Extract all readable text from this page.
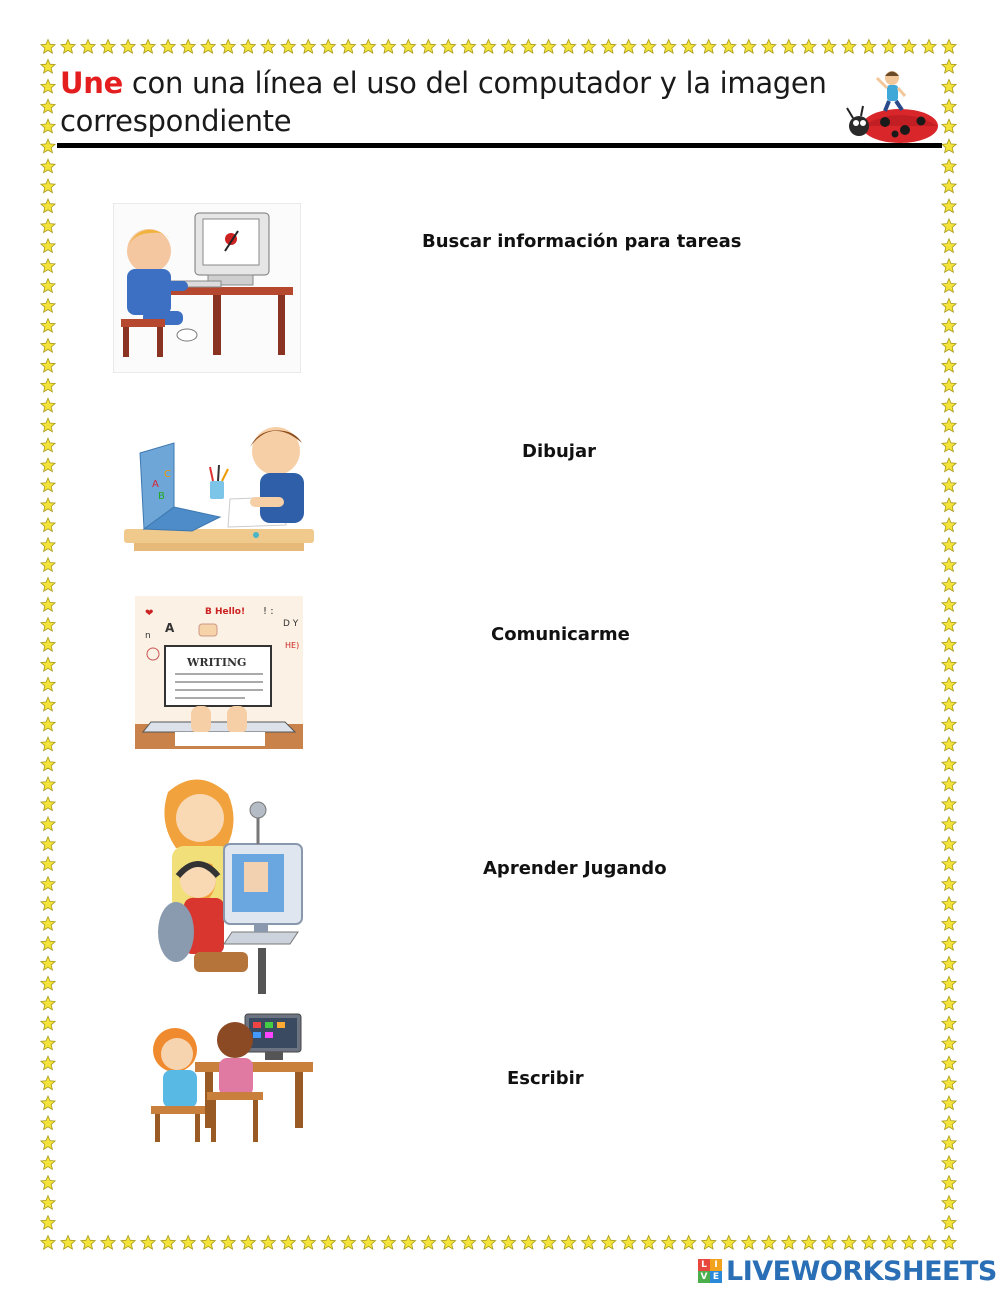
Une con una línea el uso del computador y la imagen correspondiente
A
B
C
❤
A
B Hello! ! :
D Y
n
HE)
WRITING
Buscar información para tareas
Dibujar
Comunicarme
Aprender Jugando
Escribir
L I
V E LIVEWORKSHEETS
